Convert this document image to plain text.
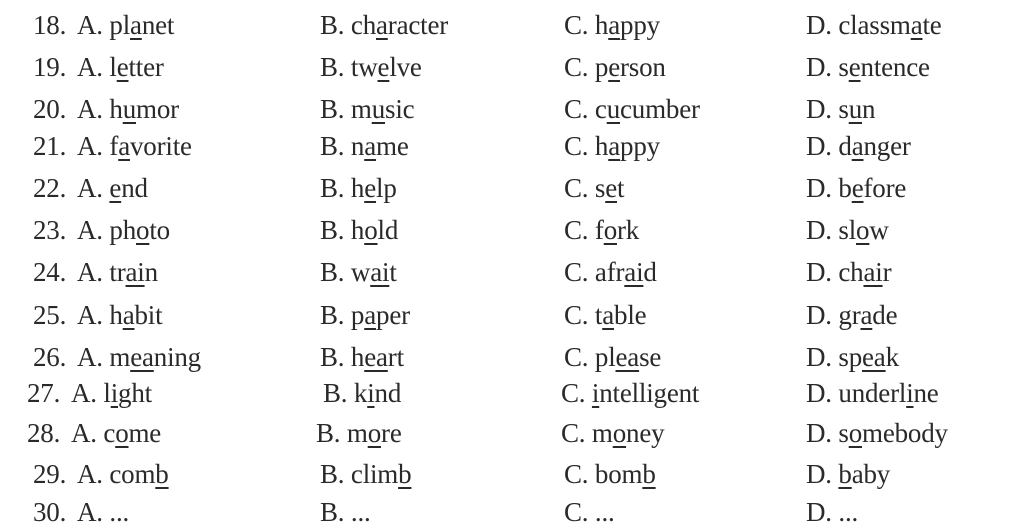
18. A. planet	B. character	C. happy	D. classmate
19. A. letter	B. twelve	C. person	D. sentence
20. A. humor	B. music	C. cucumber	D. sun
21. A. favorite	B. name	C. happy	D. danger
22. A. end	B. help	C. set	D. before
23. A. photo	B. hold	C. fork	D. slow
24. A. train	B. wait	C. afraid	D. chair
25. A. habit	B. paper	C. table	D. grade
26. A. meaning	B. heart	C. please	D. speak
27. A. light	B. kind	C. intelligent	D. underline
28. A. come	B. more	C. money	D. somebody
29. A. comb	B. climb	C. bomb	D. baby
30. A. ...	B. ...	C. ...	D. ...
